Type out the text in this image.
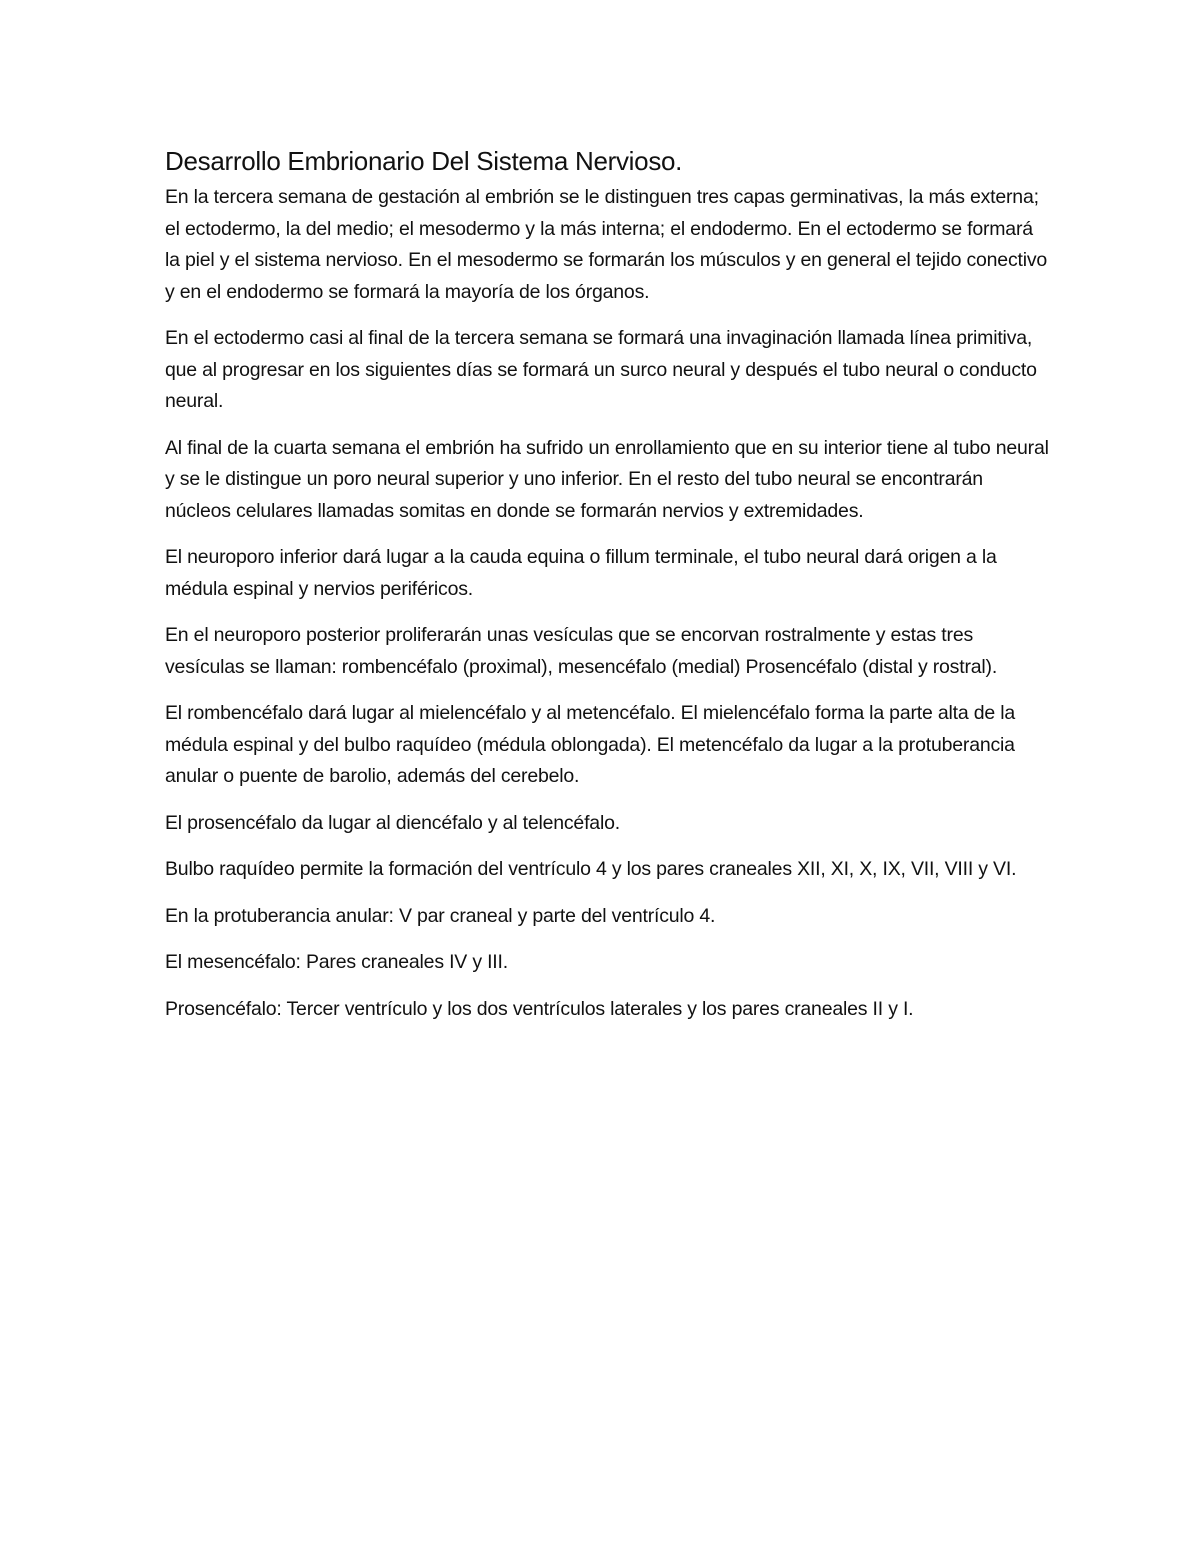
Desarrollo Embrionario Del Sistema Nervioso.

En la tercera semana de gestación al embrión se le distinguen tres capas germinativas, la más externa; el ectodermo, la del medio; el mesodermo y la más interna; el endodermo. En el ectodermo se formará la piel y el sistema nervioso. En el mesodermo se formarán los músculos y en general el tejido conectivo y en el endodermo se formará la mayoría de los órganos.

En el ectodermo casi al final de la tercera semana se formará una invaginación llamada línea primitiva, que al progresar en los siguientes días se formará un surco neural y después el tubo neural o conducto neural.

Al final de la cuarta semana el embrión ha sufrido un enrollamiento que en su interior tiene al tubo neural y se le distingue un poro neural superior y uno inferior. En el resto del tubo neural se encontrarán núcleos celulares llamadas somitas en donde se formarán nervios y extremidades.

El neuroporo inferior dará lugar a la cauda equina o fillum terminale, el tubo neural dará origen a la médula espinal y nervios periféricos.

En el neuroporo posterior proliferarán unas vesículas que se encorvan rostralmente y estas tres vesículas se llaman: rombencéfalo (proximal), mesencéfalo (medial) Prosencéfalo (distal y rostral).

El rombencéfalo dará lugar al mielencéfalo y al metencéfalo. El mielencéfalo forma la parte alta de la médula espinal y del bulbo raquídeo (médula oblongada). El metencéfalo da lugar a la protuberancia anular o puente de barolio, además del cerebelo.

El prosencéfalo da lugar al diencéfalo y al telencéfalo.

Bulbo raquídeo permite la formación del ventrículo 4 y los pares craneales XII, XI, X, IX, VII, VIII y VI.

En la protuberancia anular: V par craneal y parte del ventrículo 4.

El mesencéfalo: Pares craneales IV y III.

Prosencéfalo: Tercer ventrículo y los dos ventrículos laterales y los pares craneales II y I.
